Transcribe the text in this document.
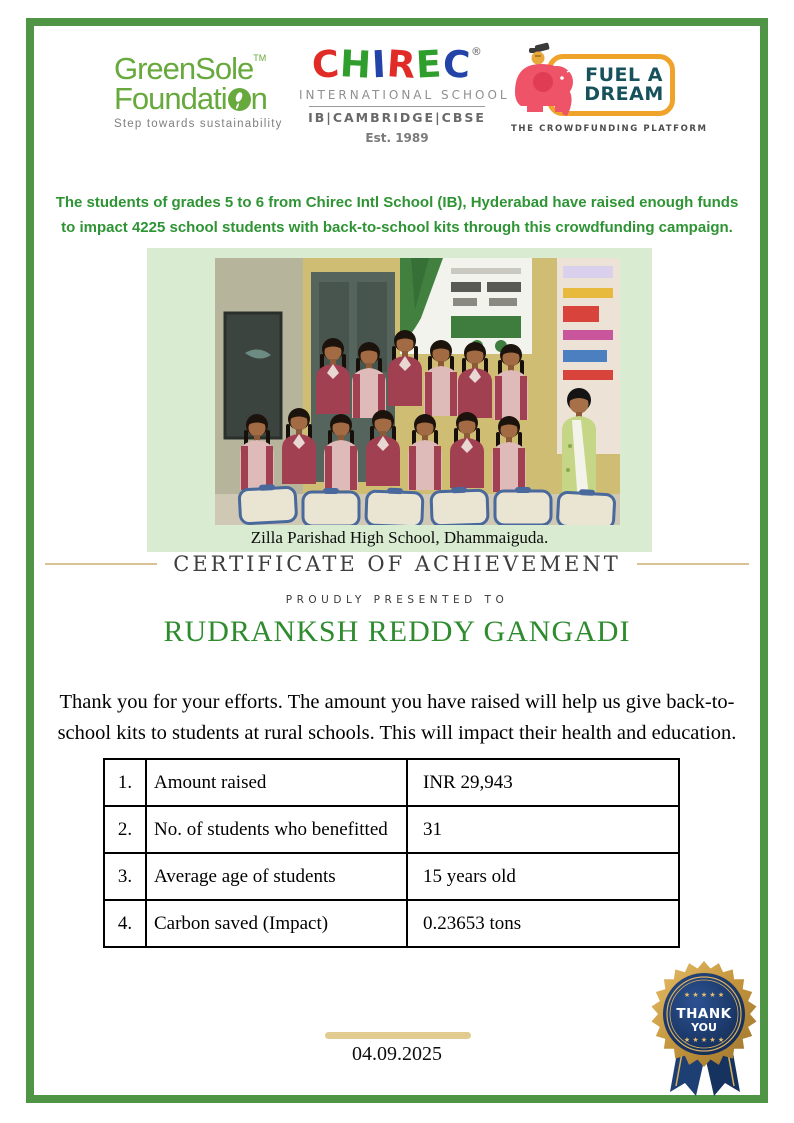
GreenSole™
Foundati n
Step towards sustainability
CHIREC®
INTERNATIONAL SCHOOL
IB|CAMBRIDGE|CBSE
Est. 1989
FUEL A
DREAM
THE CROWDFUNDING PLATFORM

The students of grades 5 to 6 from Chirec Intl School (IB), Hyderabad have raised enough funds to impact 4225 school students with back-to-school kits through this crowdfunding campaign.

Zilla Parishad High School, Dhammaiguda.
CERTIFICATE OF ACHIEVEMENT
PROUDLY PRESENTED TO
RUDRANKSH REDDY GANGADI

Thank you for your efforts. The amount you have raised will help us give back-to-school kits to students at rural schools. This will impact their health and education.

1.	Amount raised	INR 29,943
2.	No. of students who benefitted	31
3.	Average age of students	15 years old
4.	Carbon saved (Impact)	0.23653 tons
★ ★ ★ ★ ★
THANK
YOU
★ ★ ★ ★ ★
04.09.2025
